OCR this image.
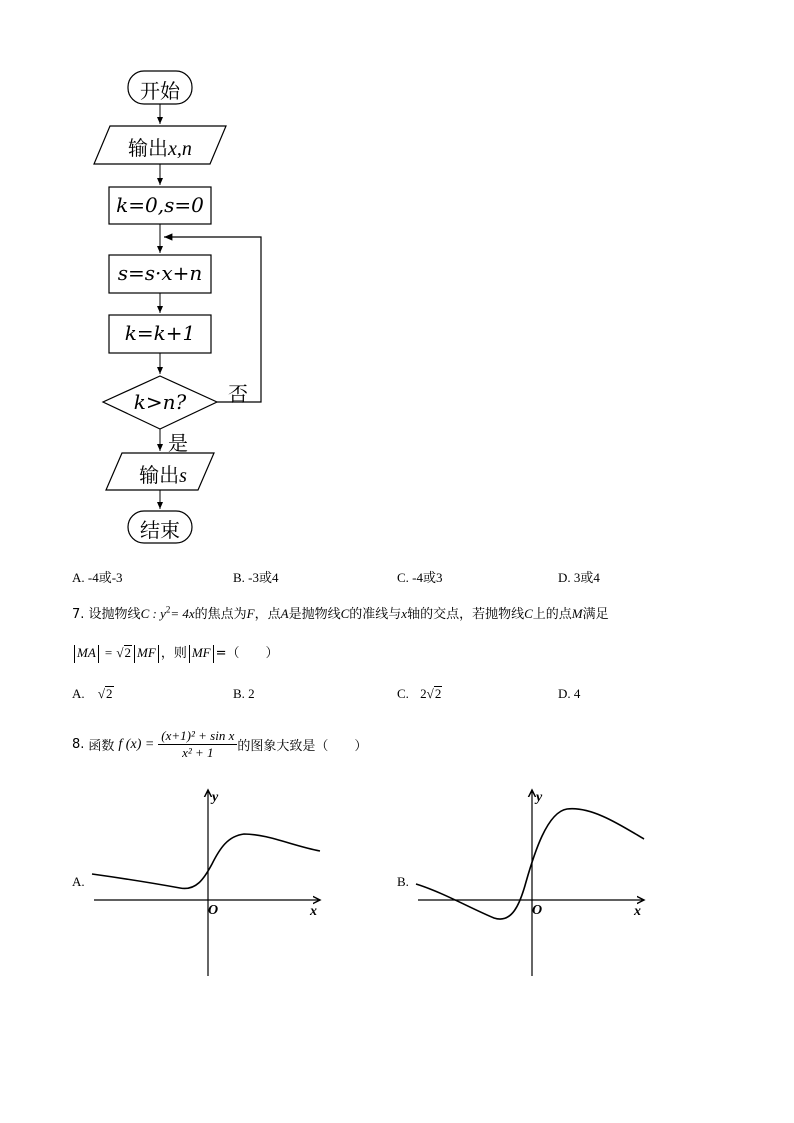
开始
输出x,n
k=0,s=0
s=s·x+n
k=k+1
k>n?	否
是
输出s
结束
A. -4或-3	B. -3或4	C. -4或3	D. 3或4
7. 设抛物线C : $y^2= 4x$的焦点为F，点A是抛物线C的准线与x轴的交点，若抛物线C上的点M满足
MA = √2 MF ，则 MF =（　　）
A. √2	B. 2	C. 2√2	D. 4
8. 函数 f $(x) = \frac{\text{(x+1)² + sin x}}{\text{x² + 1}}$ 的图象大致是（　　）
A.	B.
O	x
y
O	x
y
